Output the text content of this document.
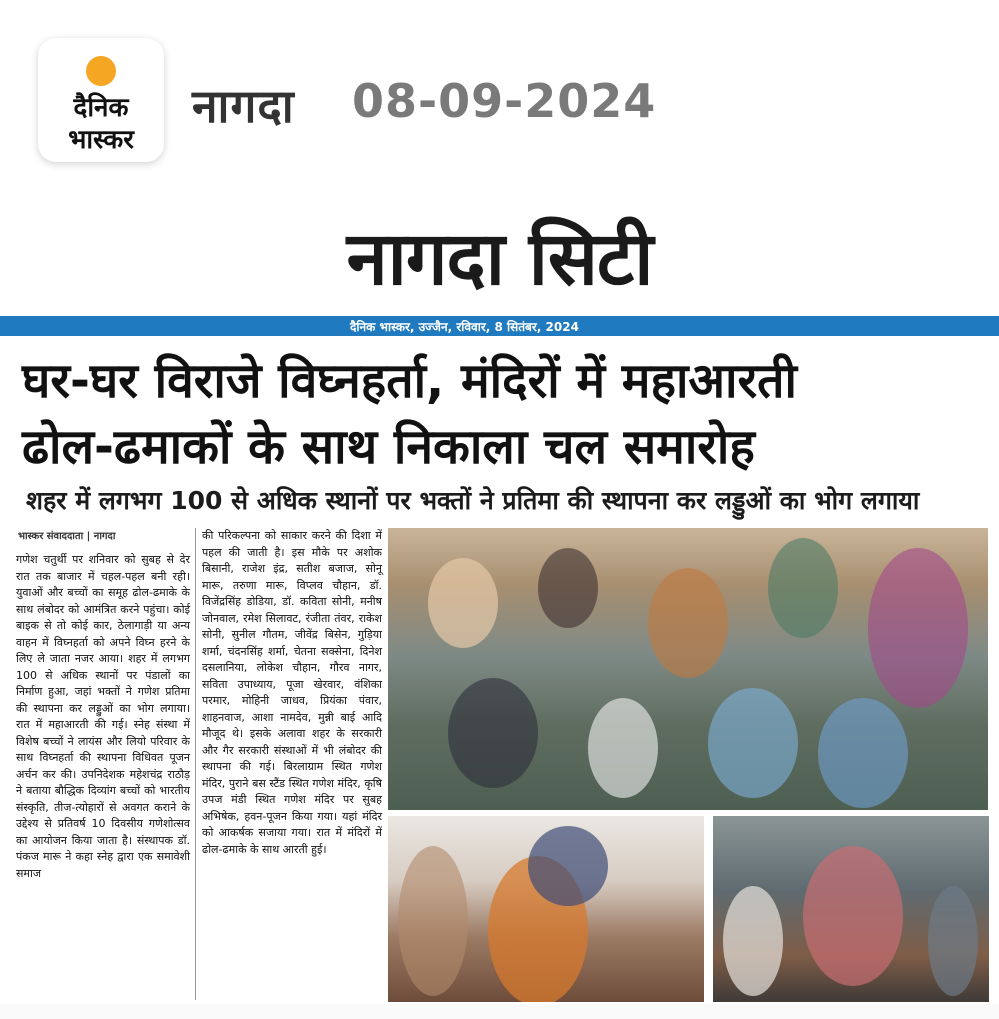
दैनिक
भास्कर
नागदा 08-09-2024
नागदा सिटी
दैनिक भास्कर, उज्जैन, रविवार, 8 सितंबर, 2024
घर-घर विराजे विघ्नहर्ता, मंदिरों में महाआरती
ढोल-ढमाकों के साथ निकाला चल समारोह
शहर में लगभग 100 से अधिक स्थानों पर भक्तों ने प्रतिमा की स्थापना कर लड्डुओं का भोग लगाया
भास्कर संवाददाता | नागदा
गणेश चतुर्थी पर शनिवार को सुबह से देर रात तक बाजार में चहल-पहल बनी रही। युवाओं और बच्चों का समूह ढोल-ढमाके के साथ लंबोदर को आमंत्रित करने पहुंचा। कोई बाइक से तो कोई कार, ठेलागाड़ी या अन्य वाहन में विघ्नहर्ता को अपने विघ्न हरने के लिए ले जाता नजर आया। शहर में लगभग 100 से अधिक स्थानों पर पंडालों का निर्माण हुआ, जहां भक्तों ने गणेश प्रतिमा की स्थापना कर लड्डुओं का भोग लगाया। रात में महाआरती की गई। स्नेह संस्था में विशेष बच्चों ने लायंस और लियो परिवार के साथ विघ्नहर्ता की स्थापना विधिवत पूजन अर्चन कर की। उपनिदेशक महेशचंद्र राठौड़ ने बताया बौद्धिक दिव्यांग बच्चों को भारतीय संस्कृति, तीज-त्योहारों से अवगत कराने के उद्देश्य से प्रतिवर्ष 10 दिवसीय गणेशोत्सव का आयोजन किया जाता है। संस्थापक डॉ. पंकज मारू ने कहा स्नेह द्वारा एक समावेशी समाज
की परिकल्पना को साकार करने की दिशा में पहल की जाती है। इस मौके पर अशोक बिसानी, राजेश इंद्र, सतीश बजाज, सोनू मारू, तरुणा मारू, विप्लव चौहान, डॉ. विजेंद्रसिंह डोडिया, डॉ. कविता सोनी, मनीष जोनवाल, रमेश सिलावट, रंजीता तंवर, राकेश सोनी, सुनील गौतम, जीवेंद्र बिसेन, गुड़िया शर्मा, चंदनसिंह शर्मा, चेतना सक्सेना, दिनेश दसलानिया, लोकेश चौहान, गौरव नागर, सविता उपाध्याय, पूजा खेरवार, वंशिका परमार, मोहिनी जाधव, प्रियंका पंवार, शाहनवाज, आशा नामदेव, मुन्नी बाई आदि मौजूद थे। इसके अलावा शहर के सरकारी और गैर सरकारी संस्थाओं में भी लंबोदर की स्थापना की गई। बिरलाग्राम स्थित गणेश मंदिर, पुराने बस स्टैंड स्थित गणेश मंदिर, कृषि उपज मंडी स्थित गणेश मंदिर पर सुबह अभिषेक, हवन-पूजन किया गया। यहां मंदिर को आकर्षक सजाया गया। रात में मंदिरों में ढोल-ढमाके के साथ आरती हुई।
